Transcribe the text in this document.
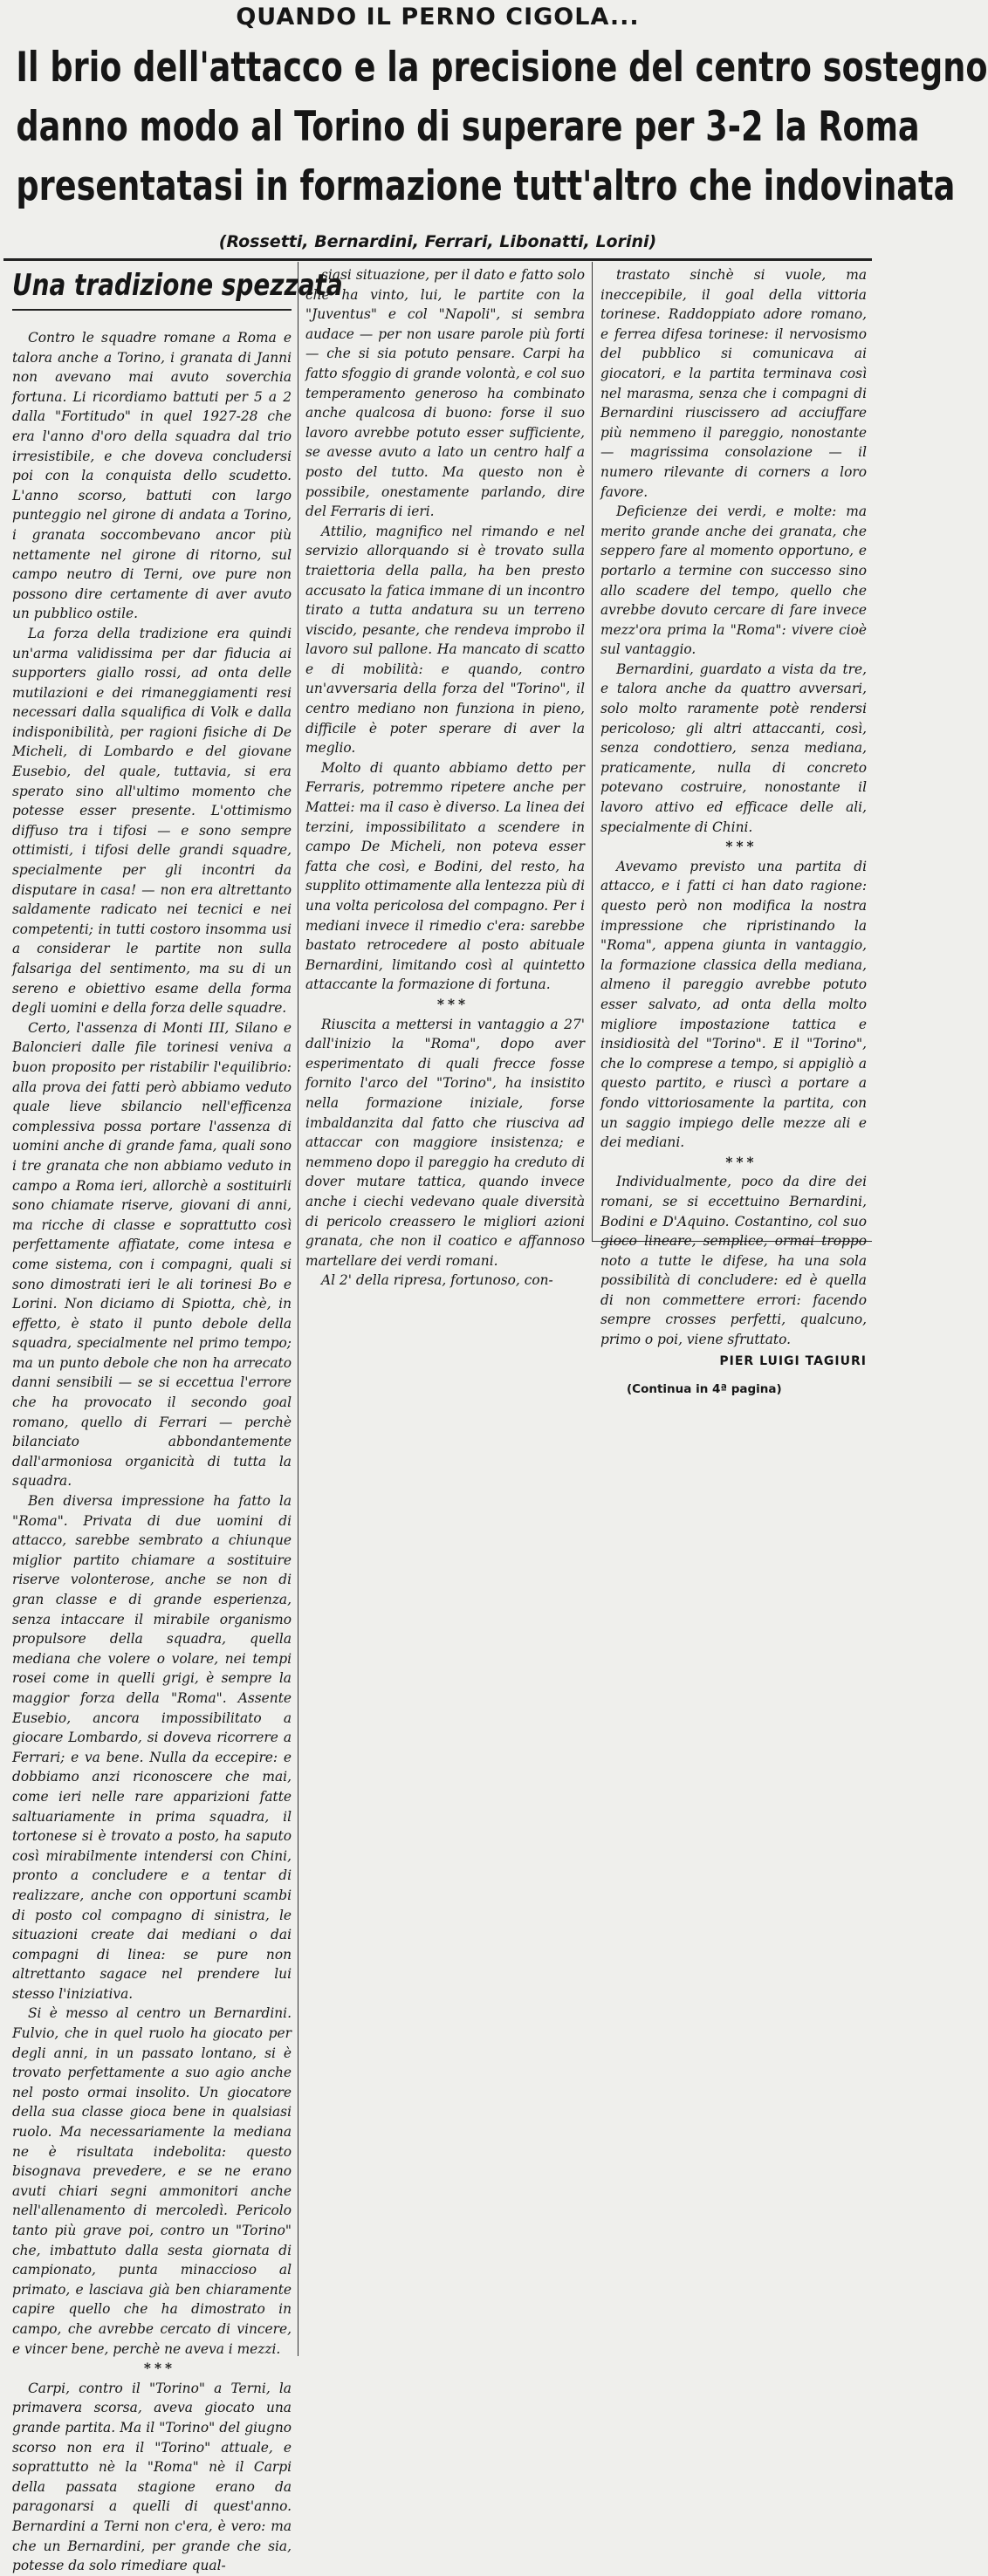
QUANDO IL PERNO CIGOLA...
Il brio dell'attacco e la precisione del centro sostegno
danno modo al Torino di superare per 3-2 la Roma
presentatasi in formazione tutt'altro che indovinata
(Rossetti, Bernardini, Ferrari, Libonatti, Lorini)

Una tradizione spezzata

Contro le squadre romane a Roma e talora anche a Torino, i granata di Janni non avevano mai avuto soverchia fortuna. Li ricordiamo battuti per 5 a 2 dalla "Fortitudo" in quel 1927-28 che era l'anno d'oro della squadra dal trio irresistibile, e che doveva concludersi poi con la conquista dello scudetto. L'anno scorso, battuti con largo punteggio nel girone di andata a Torino, i granata soccombevano ancor più nettamente nel girone di ritorno, sul campo neutro di Terni, ove pure non possono dire certamente di aver avuto un pubblico ostile.

La forza della tradizione era quindi un'arma validissima per dar fiducia ai supporters giallo rossi, ad onta delle mutilazioni e dei rimaneggiamenti resi necessari dalla squalifica di Volk e dalla indisponibilità, per ragioni fisiche di De Micheli, di Lombardo e del giovane Eusebio, del quale, tuttavia, si era sperato sino all'ultimo momento che potesse esser presente. L'ottimismo diffuso tra i tifosi — e sono sempre ottimisti, i tifosi delle grandi squadre, specialmente per gli incontri da disputare in casa! — non era altrettanto saldamente radicato nei tecnici e nei competenti; in tutti costoro insomma usi a considerar le partite non sulla falsariga del sentimento, ma su di un sereno e obiettivo esame della forma degli uomini e della forza delle squadre.

Certo, l'assenza di Monti III, Silano e Baloncieri dalle file torinesi veniva a buon proposito per ristabilir l'equilibrio: alla prova dei fatti però abbiamo veduto quale lieve sbilancio nell'efficenza complessiva possa portare l'assenza di uomini anche di grande fama, quali sono i tre granata che non abbiamo veduto in campo a Roma ieri, allorchè a sostituirli sono chiamate riserve, giovani di anni, ma ricche di classe e soprattutto così perfettamente affiatate, come intesa e come sistema, con i compagni, quali si sono dimostrati ieri le ali torinesi Bo e Lorini. Non diciamo di Spiotta, chè, in effetto, è stato il punto debole della squadra, specialmente nel primo tempo; ma un punto debole che non ha arrecato danni sensibili — se si eccettua l'errore che ha provocato il secondo goal romano, quello di Ferrari — perchè bilanciato abbondantemente dall'armoniosa organicità di tutta la squadra.

Ben diversa impressione ha fatto la "Roma". Privata di due uomini di attacco, sarebbe sembrato a chiunque miglior partito chiamare a sostituire riserve volonterose, anche se non di gran classe e di grande esperienza, senza intaccare il mirabile organismo propulsore della squadra, quella mediana che volere o volare, nei tempi rosei come in quelli grigi, è sempre la maggior forza della "Roma". Assente Eusebio, ancora impossibilitato a giocare Lombardo, si doveva ricorrere a Ferrari; e va bene. Nulla da eccepire: e dobbiamo anzi riconoscere che mai, come ieri nelle rare apparizioni fatte saltuariamente in prima squadra, il tortonese si è trovato a posto, ha saputo così mirabilmente intendersi con Chini, pronto a concludere e a tentar di realizzare, anche con opportuni scambi di posto col compagno di sinistra, le situazioni create dai mediani o dai compagni di linea: se pure non altrettanto sagace nel prendere lui stesso l'iniziativa.

Si è messo al centro un Bernardini. Fulvio, che in quel ruolo ha giocato per degli anni, in un passato lontano, si è trovato perfettamente a suo agio anche nel posto ormai insolito. Un giocatore della sua classe gioca bene in qualsiasi ruolo. Ma necessariamente la mediana ne è risultata indebolita: questo bisognava prevedere, e se ne erano avuti chiari segni ammonitori anche nell'allenamento di mercoledì. Pericolo tanto più grave poi, contro un "Torino" che, imbattuto dalla sesta giornata di campionato, punta minaccioso al primato, e lasciava già ben chiaramente capire quello che ha dimostrato in campo, che avrebbe cercato di vincere, e vincer bene, perchè ne aveva i mezzi.

***

Carpi, contro il "Torino" a Terni, la primavera scorsa, aveva giocato una grande partita. Ma il "Torino" del giugno scorso non era il "Torino" attuale, e soprattutto nè la "Roma" nè il Carpi della passata stagione erano da paragonarsi a quelli di quest'anno. Bernardini a Terni non c'era, è vero: ma che un Bernardini, per grande che sia, potesse da solo rimediare qual-

siasi situazione, per il dato e fatto solo che ha vinto, lui, le partite con la "Juventus" e col "Napoli", si sembra audace — per non usare parole più forti — che si sia potuto pensare. Carpi ha fatto sfoggio di grande volontà, e col suo temperamento generoso ha combinato anche qualcosa di buono: forse il suo lavoro avrebbe potuto esser sufficiente, se avesse avuto a lato un centro half a posto del tutto. Ma questo non è possibile, onestamente parlando, dire del Ferraris di ieri.

Attilio, magnifico nel rimando e nel servizio allorquando si è trovato sulla traiettoria della palla, ha ben presto accusato la fatica immane di un incontro tirato a tutta andatura su un terreno viscido, pesante, che rendeva improbo il lavoro sul pallone. Ha mancato di scatto e di mobilità: e quando, contro un'avversaria della forza del "Torino", il centro mediano non funziona in pieno, difficile è poter sperare di aver la meglio.

Molto di quanto abbiamo detto per Ferraris, potremmo ripetere anche per Mattei: ma il caso è diverso. La linea dei terzini, impossibilitato a scendere in campo De Micheli, non poteva esser fatta che così, e Bodini, del resto, ha supplito ottimamente alla lentezza più di una volta pericolosa del compagno. Per i mediani invece il rimedio c'era: sarebbe bastato retrocedere al posto abituale Bernardini, limitando così al quintetto attaccante la formazione di fortuna.

***

Riuscita a mettersi in vantaggio a 27' dall'inizio la "Roma", dopo aver esperimentato di quali frecce fosse fornito l'arco del "Torino", ha insistito nella formazione iniziale, forse imbaldanzita dal fatto che riusciva ad attaccar con maggiore insistenza; e nemmeno dopo il pareggio ha creduto di dover mutare tattica, quando invece anche i ciechi vedevano quale diversità di pericolo creassero le migliori azioni granata, che non il coatico e affannoso martellare dei verdi romani.

Al 2' della ripresa, fortunoso, con-

trastato sinchè si vuole, ma ineccepibile, il goal della vittoria torinese. Raddoppiato adore romano, e ferrea difesa torinese: il nervosismo del pubblico si comunicava ai giocatori, e la partita terminava così nel marasma, senza che i compagni di Bernardini riuscissero ad acciuffare più nemmeno il pareggio, nonostante — magrissima consolazione — il numero rilevante di corners a loro favore.

Deficienze dei verdi, e molte: ma merito grande anche dei granata, che seppero fare al momento opportuno, e portarlo a termine con successo sino allo scadere del tempo, quello che avrebbe dovuto cercare di fare invece mezz'ora prima la "Roma": vivere cioè sul vantaggio.

Bernardini, guardato a vista da tre, e talora anche da quattro avversari, solo molto raramente potè rendersi pericoloso; gli altri attaccanti, così, senza condottiero, senza mediana, praticamente, nulla di concreto potevano costruire, nonostante il lavoro attivo ed efficace delle ali, specialmente di Chini.

***

Avevamo previsto una partita di attacco, e i fatti ci han dato ragione: questo però non modifica la nostra impressione che ripristinando la "Roma", appena giunta in vantaggio, la formazione classica della mediana, almeno il pareggio avrebbe potuto esser salvato, ad onta della molto migliore impostazione tattica e insidiosità del "Torino". E il "Torino", che lo comprese a tempo, si appigliò a questo partito, e riuscì a portare a fondo vittoriosamente la partita, con un saggio impiego delle mezze ali e dei mediani.

***

Individualmente, poco da dire dei romani, se si eccettuino Bernardini, Bodini e D'Aquino. Costantino, col suo gioco lineare, semplice, ormai troppo noto a tutte le difese, ha una sola possibilità di concludere: ed è quella di non commettere errori: facendo sempre crosses perfetti, qualcuno, primo o poi, viene sfruttato.

PIER LUIGI TAGIURI
(Continua in 4ª pagina)
